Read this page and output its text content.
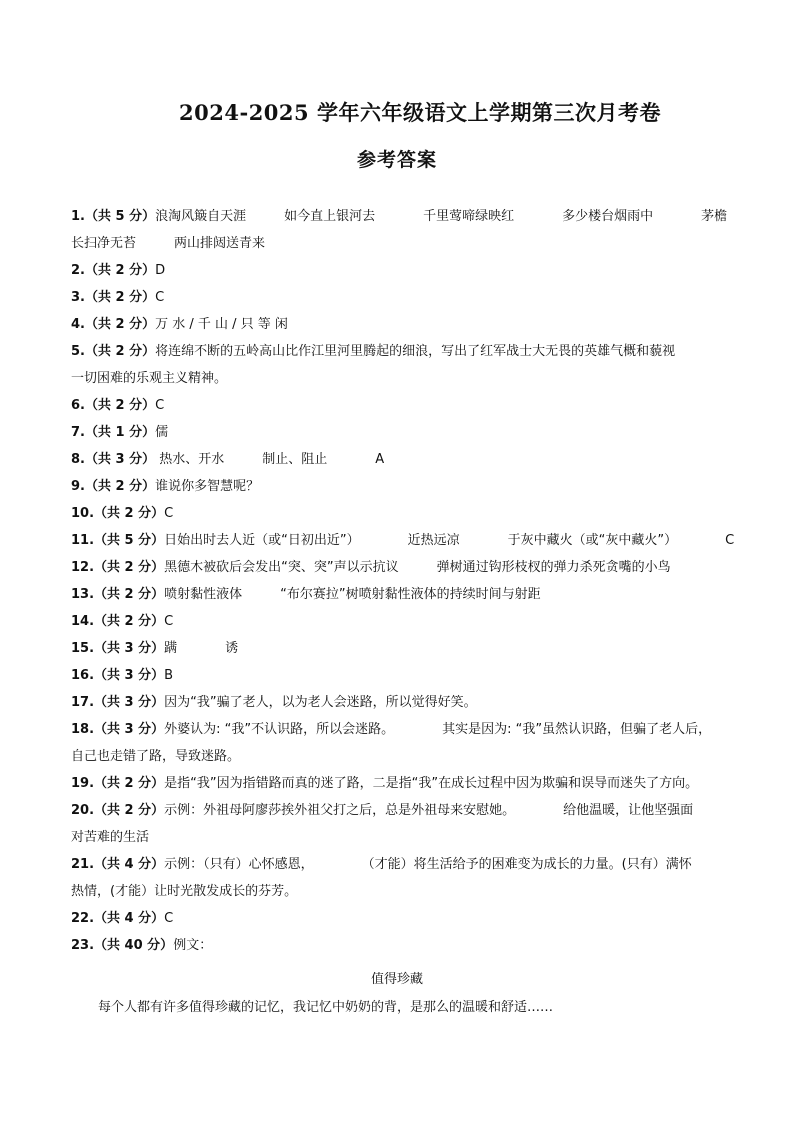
2024-2025 学年六年级语文上学期第三次月考卷
参考答案
1.（共 5 分）浪淘风簸自天涯	如今直上银河去	千里莺啼绿映红	多少楼台烟雨中	茅檐
长扫净无苔	两山排闼送青来
2.（共 2 分）D
3.（共 2 分）C
4.（共 2 分）万 水 / 千 山 / 只 等 闲
5.（共 2 分）将连绵不断的五岭高山比作江里河里腾起的细浪，写出了红军战士大无畏的英雄气概和藐视
一切困难的乐观主义精神。
6.（共 2 分）C
7.（共 1 分）儒
8.（共 3 分） 热水、开水	制止、阻止	A
9.（共 2 分）谁说你多智慧呢？
10.（共 2 分）C
11.（共 5 分）日始出时去人近（或“日初出近”）	近热远凉	于灰中藏火（或“灰中藏火”）	C
12.（共 2 分）黑德木被砍后会发出“突、突”声以示抗议	弹树通过钩形枝杈的弹力杀死贪嘴的小鸟
13.（共 2 分）喷射黏性液体	“布尔赛拉”树喷射黏性液体的持续时间与射距
14.（共 2 分）C
15.（共 3 分）蹒	诱
16.（共 3 分）B
17.（共 3 分）因为“我”骗了老人，以为老人会迷路，所以觉得好笑。
18.（共 3 分）外婆认为: “我”不认识路，所以会迷路。	其实是因为: “我”虽然认识路，但骗了老人后，
自己也走错了路，导致迷路。
19.（共 2 分）是指“我”因为指错路而真的迷了路，二是指“我”在成长过程中因为欺骗和误导而迷失了方向。
20.（共 2 分）示例：外祖母阿廖莎挨外祖父打之后，总是外祖母来安慰她。	给他温暖，让他坚强面
对苦难的生活
21.（共 4 分）示例：（只有）心怀感恩，	（才能）将生活给予的困难变为成长的力量。(只有）满怀
热情，(才能）让时光散发成长的芬芳。
22.（共 4 分）C
23.（共 40 分）例文：
值得珍藏
每个人都有许多值得珍藏的记忆，我记忆中奶奶的背，是那么的温暖和舒适……
